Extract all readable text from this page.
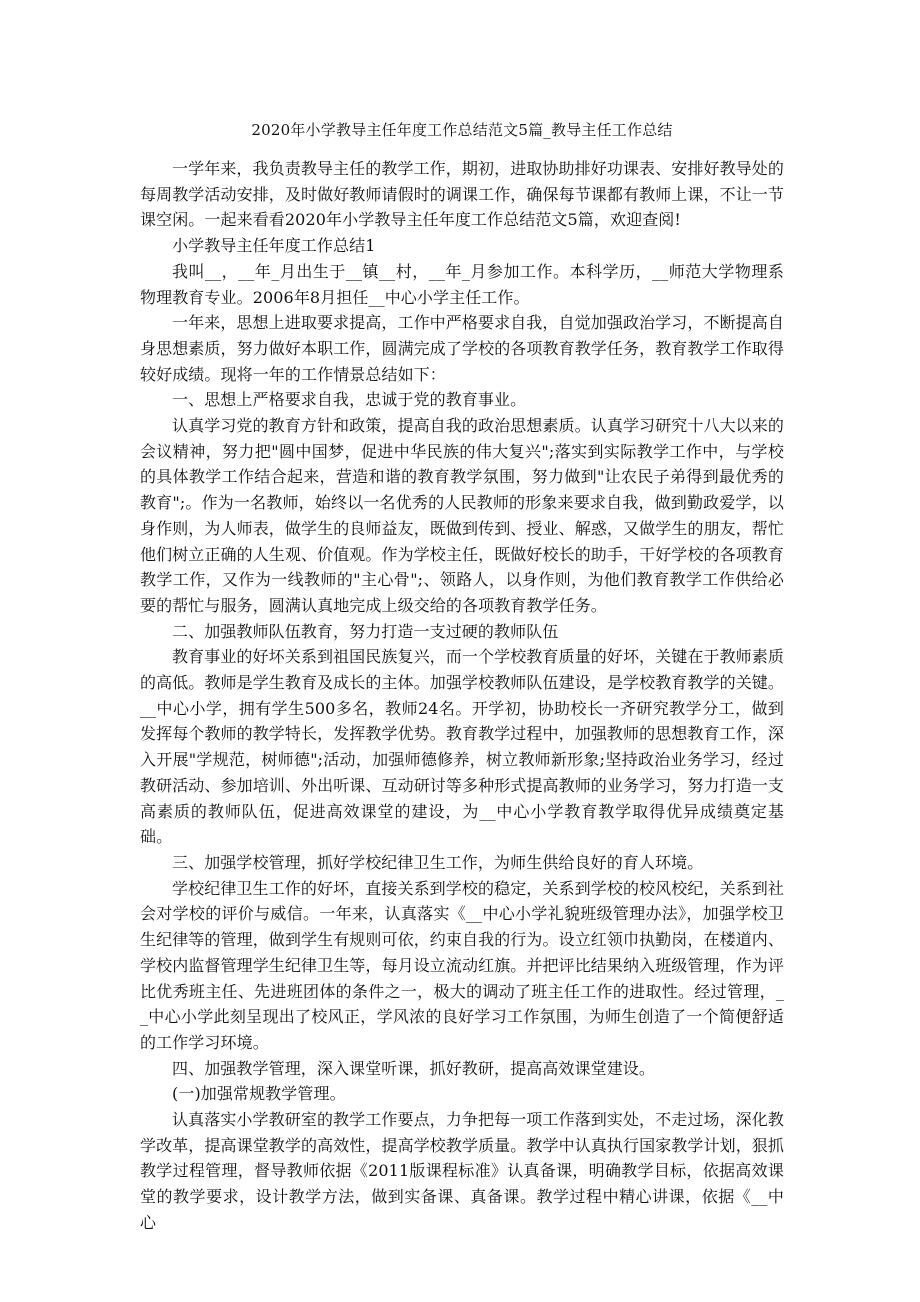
2020年小学教导主任年度工作总结范文5篇_教导主任工作总结

一学年来，我负责教导主任的教学工作，期初，进取协助排好功课表、安排好教导处的每周教学活动安排，及时做好教师请假时的调课工作，确保每节课都有教师上课，不让一节课空闲。一起来看看2020年小学教导主任年度工作总结范文5篇，欢迎查阅!

小学教导主任年度工作总结1

我叫__，__年_月出生于__镇__村，__年_月参加工作。本科学历，__师范大学物理系物理教育专业。2006年8月担任__中心小学主任工作。

一年来，思想上进取要求提高，工作中严格要求自我，自觉加强政治学习，不断提高自身思想素质，努力做好本职工作，圆满完成了学校的各项教育教学任务，教育教学工作取得较好成绩。现将一年的工作情景总结如下：

一、思想上严格要求自我，忠诚于党的教育事业。

认真学习党的教育方针和政策，提高自我的政治思想素质。认真学习研究十八大以来的会议精神，努力把"圆中国梦，促进中华民族的伟大复兴";落实到实际教学工作中，与学校的具体教学工作结合起来，营造和谐的教育教学氛围，努力做到"让农民子弟得到最优秀的教育";。作为一名教师，始终以一名优秀的人民教师的形象来要求自我，做到勤政爱学，以身作则，为人师表，做学生的良师益友，既做到传到、授业、解惑，又做学生的朋友，帮忙他们树立正确的人生观、价值观。作为学校主任，既做好校长的助手，干好学校的各项教育教学工作，又作为一线教师的"主心骨";、领路人，以身作则，为他们教育教学工作供给必要的帮忙与服务，圆满认真地完成上级交给的各项教育教学任务。

二、加强教师队伍教育，努力打造一支过硬的教师队伍

教育事业的好坏关系到祖国民族复兴，而一个学校教育质量的好坏，关键在于教师素质的高低。教师是学生教育及成长的主体。加强学校教师队伍建设，是学校教育教学的关键。__中心小学，拥有学生500多名，教师24名。开学初，协助校长一齐研究教学分工，做到发挥每个教师的教学特长，发挥教学优势。教育教学过程中，加强教师的思想教育工作，深入开展"学规范，树师德";活动，加强师德修养，树立教师新形象;坚持政治业务学习，经过教研活动、参加培训、外出听课、互动研讨等多种形式提高教师的业务学习，努力打造一支高素质的教师队伍，促进高效课堂的建设，为__中心小学教育教学取得优异成绩奠定基础。

三、加强学校管理，抓好学校纪律卫生工作，为师生供给良好的育人环境。

学校纪律卫生工作的好坏，直接关系到学校的稳定，关系到学校的校风校纪，关系到社会对学校的评价与威信。一年来，认真落实《__中心小学礼貌班级管理办法》，加强学校卫生纪律等的管理，做到学生有规则可依，约束自我的行为。设立红领巾执勤岗，在楼道内、学校内监督管理学生纪律卫生等，每月设立流动红旗。并把评比结果纳入班级管理，作为评比优秀班主任、先进班团体的条件之一，极大的调动了班主任工作的进取性。经过管理，__中心小学此刻呈现出了校风正，学风浓的良好学习工作氛围，为师生创造了一个简便舒适的工作学习环境。

四、加强教学管理，深入课堂听课，抓好教研，提高高效课堂建设。

(一)加强常规教学管理。

认真落实小学教研室的教学工作要点，力争把每一项工作落到实处，不走过场，深化教学改革，提高课堂教学的高效性，提高学校教学质量。教学中认真执行国家教学计划，狠抓教学过程管理，督导教师依据《2011版课程标准》认真备课，明确教学目标，依据高效课堂的教学要求，设计教学方法，做到实备课、真备课。教学过程中精心讲课，依据《__中心
